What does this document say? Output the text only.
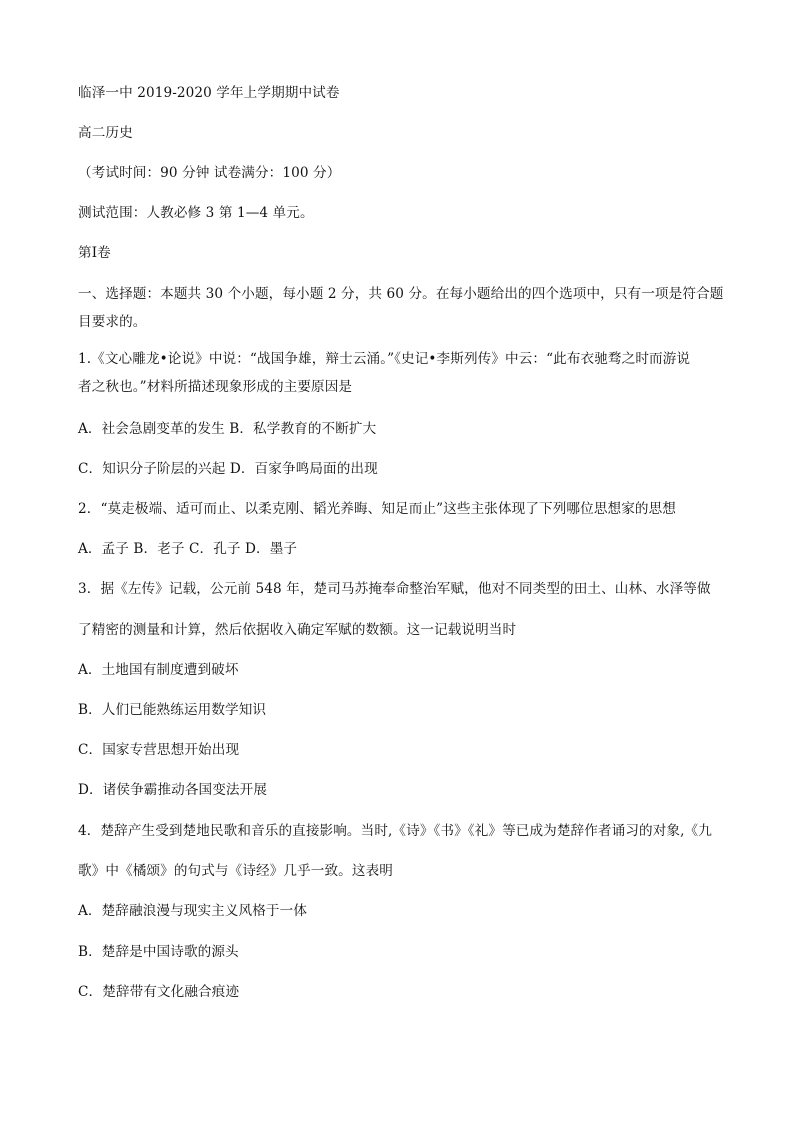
临泽一中 2019-2020 学年上学期期中试卷
高二历史
（考试时间：90 分钟 试卷满分：100 分）
测试范围：人教必修 3 第 1—4 单元。
第Ⅰ卷
一、选择题：本题共 30 个小题，每小题 2 分，共 60 分。在每小题给出的四个选项中，只有一项是符合题目要求的。
1.《文心雕龙•论说》中说：“战国争雄，辩士云涌。”《史记•李斯列传》中云：“此布衣驰骛之时而游说
者之秋也。”材料所描述现象形成的主要原因是
A．社会急剧变革的发生 B．私学教育的不断扩大
C．知识分子阶层的兴起 D．百家争鸣局面的出现
2．“莫走极端、适可而止、以柔克刚、韬光养晦、知足而止”这些主张体现了下列哪位思想家的思想
A．孟子 B．老子 C．孔子 D．墨子
3．据《左传》记载，公元前 548 年，楚司马苏掩奉命整治军赋，他对不同类型的田土、山林、水泽等做
了精密的测量和计算，然后依据收入确定军赋的数额。这一记载说明当时
A．土地国有制度遭到破坏
B．人们已能熟练运用数学知识
C．国家专营思想开始出现
D．诸侯争霸推动各国变法开展
4．楚辞产生受到楚地民歌和音乐的直接影响。当时,《诗》《书》《礼》等已成为楚辞作者诵习的对象,《九
歌》中《橘颂》的句式与《诗经》几乎一致。这表明
A．楚辞融浪漫与现实主义风格于一体
B．楚辞是中国诗歌的源头
C．楚辞带有文化融合痕迹
